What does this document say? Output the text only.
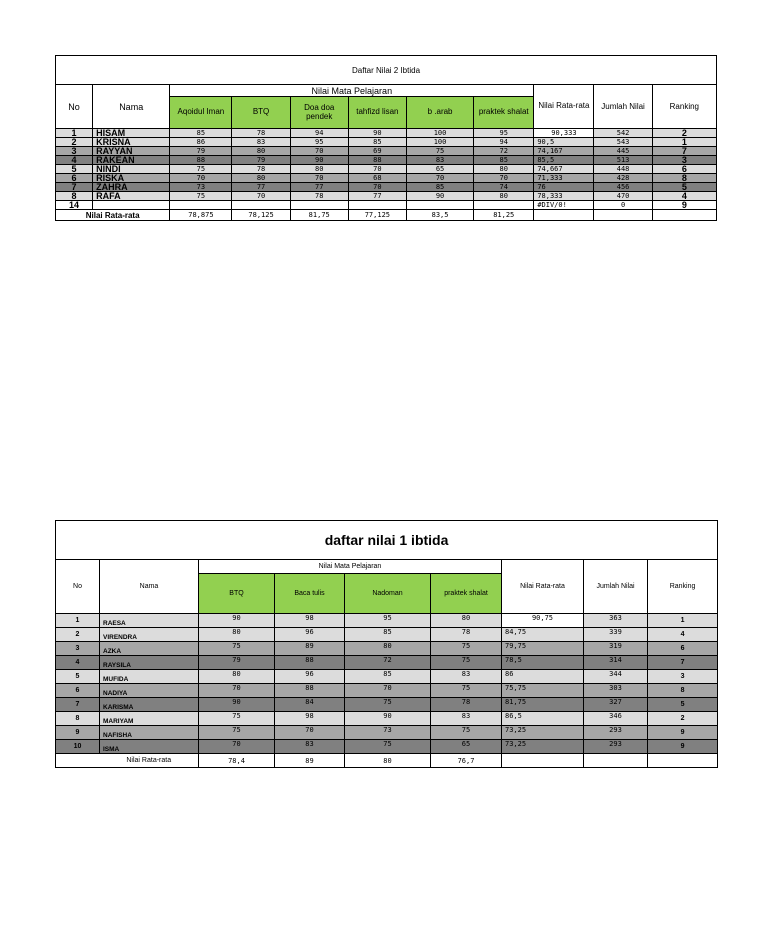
Daftar Nilai 2 Ibtida										
No	Nama	Nilai Mata Pelajaran						Nilai Rata-rata	Jumlah Nilai	Ranking
		Aqoidul Iman	BTQ	Doa doa pendek	tahfizd lisan	b .arab	praktek shalat			
1	HISAM	85	78	94	90	100	95	90,333	542	2
2	KRISNA	86	83	95	85	100	94	90,5	543	1
3	RAYYAN	79	80	70	69	75	72	74,167	445	7
4	RAKEAN	88	79	90	88	83	85	85,5	513	3
5	NINDI	75	78	80	70	65	80	74,667	448	6
6	RISKA	70	80	70	68	70	70	71,333	428	8
7	ZAHRA	73	77	77	70	85	74	76	456	5
8	RAFA	75	70	78	77	90	80	78,333	470	4
14								#DIV/0!	0	9
Nilai Rata-rata		78,875	78,125	81,75	77,125	83,5	81,25			
daftar nilai 1 ibtida								
No	Nama	Nilai Mata Pelajaran				Nilai Rata-rata	Jumlah Nilai	Ranking
		BTQ	Baca tulis	Nadoman	praktek shalat			
1	RAESA	90	98	95	80	90,75	363	1
2	VIRENDRA	80	96	85	78	84,75	339	4
3	AZKA	75	89	80	75	79,75	319	6
4	RAYSILA	79	88	72	75	78,5	314	7
5	MUFIDA	80	96	85	83	86	344	3
6	NADIYA	70	88	70	75	75,75	303	8
7	KARISMA	90	84	75	78	81,75	327	5
8	MARIYAM	75	98	90	83	86,5	346	2
9	NAFISHA	75	70	73	75	73,25	293	9
10	ISMA	70	83	75	65	73,25	293	9
	Nilai Rata-rata	78,4	89	80	76,7			
